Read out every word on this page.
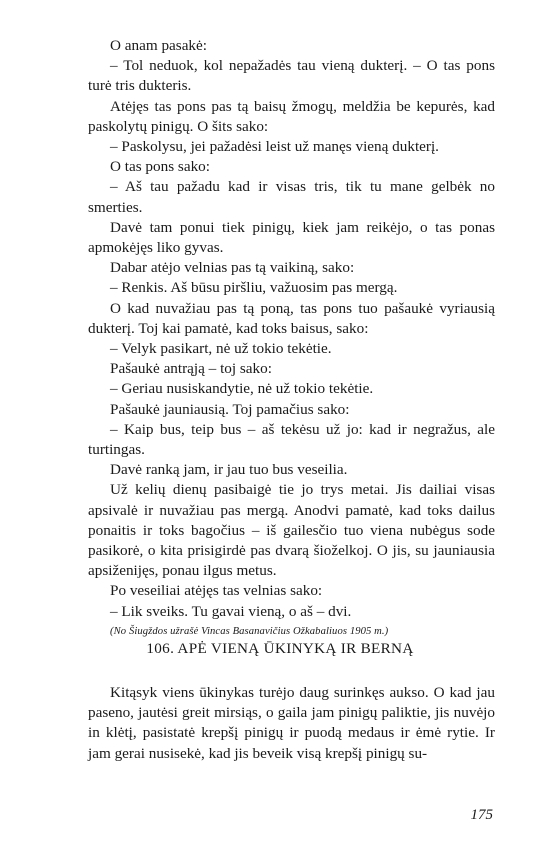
O anam pasakė:

– Tol neduok, kol nepažadės tau vieną dukterį. – O tas pons turė tris dukteris.

Atėjęs tas pons pas tą baisų žmogų, meldžia be kepurės, kad paskolytų pinigų. O šits sako:

– Paskolysu, jei pažadėsi leist už manęs vieną dukterį.

O tas pons sako:

– Aš tau pažadu kad ir visas tris, tik tu mane gelbėk no smerties.

Davė tam ponui tiek pinigų, kiek jam reikėjo, o tas ponas apmokėjęs liko gyvas.

Dabar atėjo velnias pas tą vaikiną, sako:

– Renkis. Aš būsu piršliu, važuosim pas mergą.

O kad nuvažiau pas tą poną, tas pons tuo pašaukė vyriausią dukterį. Toj kai pamatė, kad toks baisus, sako:

– Velyk pasikart, nė už tokio tekėtie.

Pašaukė antrąją – toj sako:

– Geriau nusiskandytie, nė už tokio tekėtie.

Pašaukė jauniausią. Toj pamačius sako:

– Kaip bus, teip bus – aš tekėsu už jo: kad ir negražus, ale turtingas.

Davė ranką jam, ir jau tuo bus veseilia.

Už kelių dienų pasibaigė tie jo trys metai. Jis dailiai visas apsivalė ir nuvažiau pas mergą. Anodvi pamatė, kad toks dailus ponaitis ir toks bagočius – iš gailesčio tuo viena nubėgus sode pasikorė, o kita prisigirdė pas dvarą šioželkoj. O jis, su jauniausia apsiženijęs, ponau ilgus metus.

Po veseiliai atėjęs tas velnias sako:

– Lik sveiks. Tu gavai vieną, o aš – dvi.

(No Šiugždos užrašė Vincas Basanavičius Ožkabaliuos 1905 m.)

106. APĖ VIENĄ ŪKINYKĄ IR BERNĄ

Kitąsyk viens ūkinykas turėjo daug surinkęs aukso. O kad jau paseno, jautėsi greit mirsiąs, o gaila jam pinigų paliktie, jis nuvėjo in klėtį, pasistatė krepšį pinigų ir puodą medaus ir ėmė rytie. Ir jam gerai nusisekė, kad jis beveik visą krepšį pinigų su-

175
